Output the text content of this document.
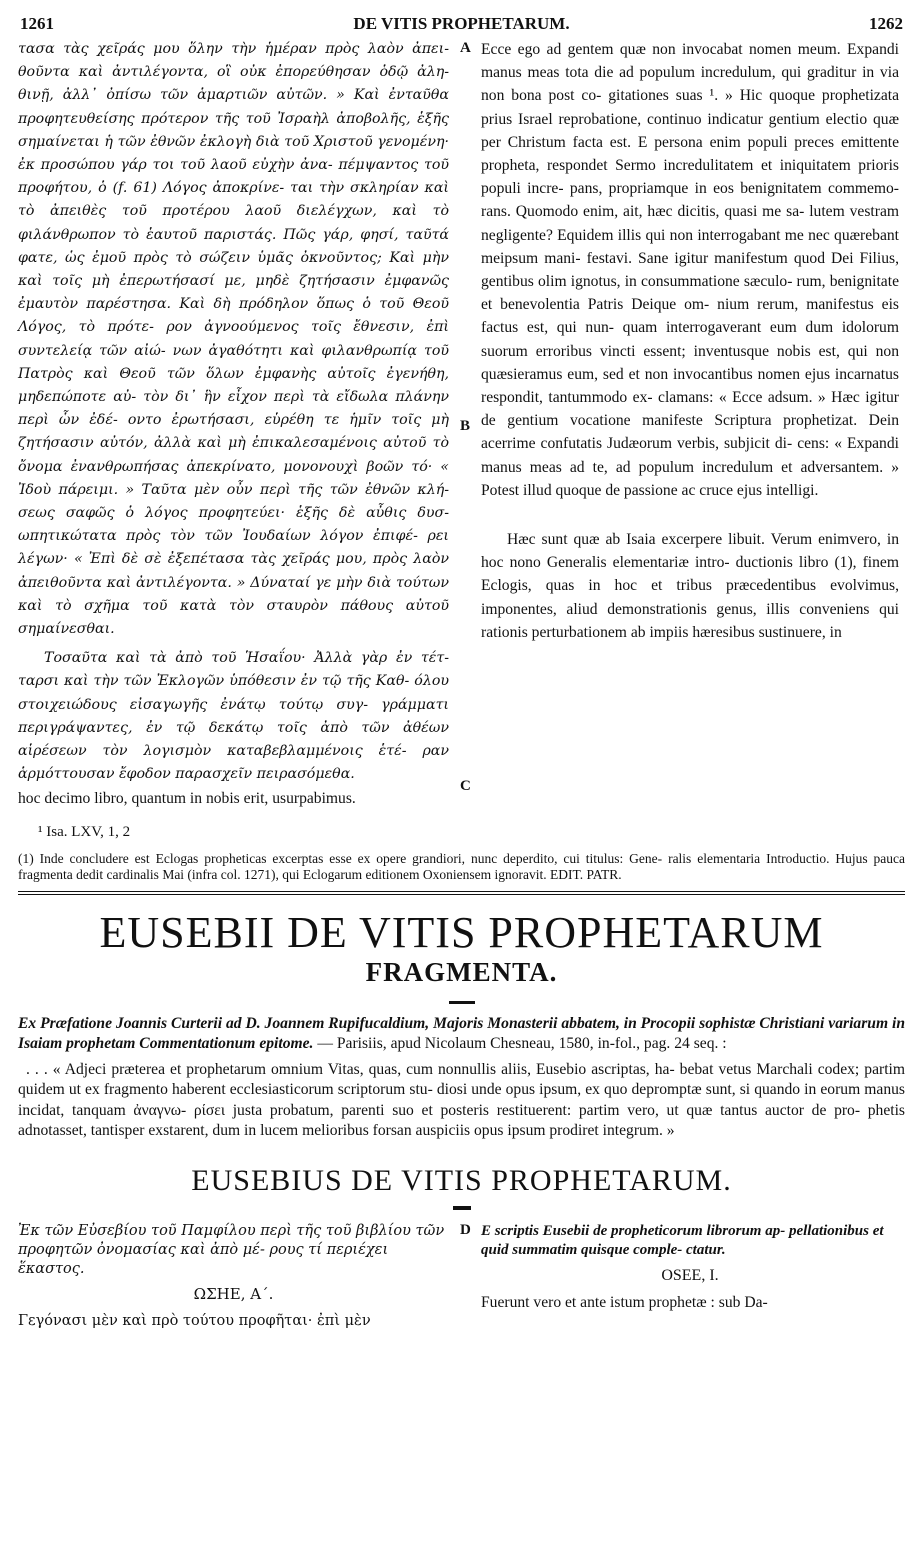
1261	DE VITIS PROPHETARUM.	1262
A
B
C

τασα τὰς χεῖράς μου ὅλην τὴν ἡμέραν πρὸς λαὸν ἀπει- θοῦντα καὶ ἀντιλέγοντα, οἳ οὐκ ἐπορεύθησαν ὁδῷ ἀλη- θινῇ, ἀλλ᾽ ὀπίσω τῶν ἁμαρτιῶν αὐτῶν. » Καὶ ἐνταῦθα προφητευθείσης πρότερον τῆς τοῦ Ἰσραὴλ ἀποβολῆς, ἑξῆς σημαίνεται ἡ τῶν ἐθνῶν ἐκλογὴ διὰ τοῦ Χριστοῦ γενομένη· ἐκ προσώπου γάρ τοι τοῦ λαοῦ εὐχὴν ἀνα- πέμψαντος τοῦ προφήτου, ὁ (f. 61) Λόγος ἀποκρίνε- ται τὴν σκληρίαν καὶ τὸ ἀπειθὲς τοῦ προτέρου λαοῦ διελέγχων, καὶ τὸ φιλάνθρωπον τὸ ἑαυτοῦ παριστάς. Πῶς γάρ, φησί, ταῦτά φατε, ὡς ἐμοῦ πρὸς τὸ σώζειν ὑμᾶς ὀκνοῦντος; Καὶ μὴν καὶ τοῖς μὴ ἐπερωτήσασί με, μηδὲ ζητήσασιν ἐμφανῶς ἐμαυτὸν παρέστησα. Καὶ δὴ πρόδηλον ὅπως ὁ τοῦ Θεοῦ Λόγος, τὸ πρότε- ρον ἀγνοούμενος τοῖς ἔθνεσιν, ἐπὶ συντελείᾳ τῶν αἰώ- νων ἀγαθότητι καὶ φιλανθρωπίᾳ τοῦ Πατρὸς καὶ Θεοῦ τῶν ὅλων ἐμφανὴς αὐτοῖς ἐγενήθη, μηδεπώποτε αὐ- τὸν δι᾽ ἣν εἶχον περὶ τὰ εἴδωλα πλάνην περὶ ὧν ἐδέ- οντο ἐρωτήσασι, εὑρέθη τε ἡμῖν τοῖς μὴ ζητήσασιν αὐτόν, ἀλλὰ καὶ μὴ ἐπικαλεσαμένοις αὐτοῦ τὸ ὄνομα ἐνανθρωπήσας ἀπεκρίνατο, μονονουχὶ βοῶν τό· « Ἰδοὺ πάρειμι. » Ταῦτα μὲν οὖν περὶ τῆς τῶν ἐθνῶν κλή- σεως σαφῶς ὁ λόγος προφητεύει· ἑξῆς δὲ αὖθις δυσ- ωπητικώτατα πρὸς τὸν τῶν Ἰουδαίων λόγον ἐπιφέ- ρει λέγων· « Ἐπὶ δὲ σὲ ἐξεπέτασα τὰς χεῖράς μου, πρὸς λαὸν ἀπειθοῦντα καὶ ἀντιλέγοντα. » Δύναταί γε μὴν διὰ τούτων καὶ τὸ σχῆμα τοῦ κατὰ τὸν σταυρὸν πάθους αὐτοῦ σημαίνεσθαι.

Τοσαῦτα καὶ τὰ ἀπὸ τοῦ Ἡσαΐου· Ἀλλὰ γὰρ ἐν τέτ- ταρσι καὶ τὴν τῶν Ἐκλογῶν ὑπόθεσιν ἐν τῷ τῆς Καθ- όλου στοιχειώδους εἰσαγωγῆς ἐνάτῳ τούτῳ συγ- γράμματι περιγράψαντες, ἐν τῷ δεκάτῳ τοῖς ἀπὸ τῶν ἀθέων αἱρέσεων τὸν λογισμὸν καταβεβλαμμένοις ἑτέ- ραν ἁρμόττουσαν ἔφοδον παρασχεῖν πειρασόμεθα.

Ecce ego ad gentem quæ non invocabat nomen meum. Expandi manus meas tota die ad populum incredulum, qui graditur in via non bona post co- gitationes suas ¹. » Hic quoque prophetizata prius Israel reprobatione, continuo indicatur gentium electio quæ per Christum facta est. E persona enim populi preces emittente propheta, respondet Sermo incredulitatem et iniquitatem prioris populi incre- pans, propriamque in eos benignitatem commemo- rans. Quomodo enim, ait, hæc dicitis, quasi me sa- lutem vestram negligente? Equidem illis qui non interrogabant me nec quærebant meipsum mani- festavi. Sane igitur manifestum quod Dei Filius, gentibus olim ignotus, in consummatione sæculo- rum, benignitate et benevolentia Patris Deique om- nium rerum, manifestus eis factus est, qui nun- quam interrogaverant eum dum idolorum suorum erroribus vincti essent; inventusque nobis est, qui non quæsieramus eum, sed et non invocantibus nomen ejus incarnatus respondit, tantummodo ex- clamans: « Ecce adsum. » Hæc igitur de gentium vocatione manifeste Scriptura prophetizat. Dein acerrime confutatis Judæorum verbis, subjicit di- cens: « Expandi manus meas ad te, ad populum incredulum et adversantem. » Potest illud quoque de passione ac cruce ejus intelligi.

Hæc sunt quæ ab Isaia excerpere libuit. Verum enimvero, in hoc nono Generalis elementariæ intro- ductionis libro (1), finem Eclogis, quas in hoc et tribus præcedentibus evolvimus, imponentes, aliud demonstrationis genus, illis conveniens qui rationis perturbationem ab impiis hæresibus sustinuere, in

hoc decimo libro, quantum in nobis erit, usurpabimus.
¹ Isa. LXV, 1, 2
(1) Inde concludere est Eclogas propheticas excerptas esse ex opere grandiori, nunc deperdito, cui titulus: Gene- ralis elementaria Introductio. Hujus pauca fragmenta dedit cardinalis Mai (infra col. 1271), qui Eclogarum editionem Oxoniensem ignoravit. EDIT. PATR.
EUSEBII DE VITIS PROPHETARUM
FRAGMENTA.
Ex Præfatione Joannis Curterii ad D. Joannem Rupifucaldium, Majoris Monasterii abbatem, in Procopii sophistæ Christiani variarum in Isaiam prophetam Commentationum epitome. — Parisiis, apud Nicolaum Chesneau, 1580, in-fol., pag. 24 seq. :
. . . « Adjeci præterea et prophetarum omnium Vitas, quas, cum nonnullis aliis, Eusebio ascriptas, ha- bebat vetus Marchali codex; partim quidem ut ex fragmento haberent ecclesiasticorum scriptorum stu- diosi unde opus ipsum, ex quo depromptæ sunt, si quando in eorum manus incidat, tanquam ἀναγνω- ρίσει justa probatum, parenti suo et posteris restituerent: partim vero, ut quæ tantus auctor de pro- phetis adnotasset, tantisper exstarent, dum in lucem melioribus forsan auspiciis opus ipsum prodiret integrum. »
EUSEBIUS DE VITIS PROPHETARUM.
D
Ἐκ τῶν Εὐσεβίου τοῦ Παμφίλου περὶ τῆς τοῦ βιβλίου τῶν προφητῶν ὀνομασίας καὶ ἀπὸ μέ- ρους τί περιέχει ἕκαστος.
ΩΣΗΕ, Α΄.
Γεγόνασι μὲν καὶ πρὸ τούτου προφῆται· ἐπὶ μὲν
E scriptis Eusebii de propheticorum librorum ap- pellationibus et quid summatim quisque comple- ctatur.
OSEE, I.
Fuerunt vero et ante istum prophetæ : sub Da-
